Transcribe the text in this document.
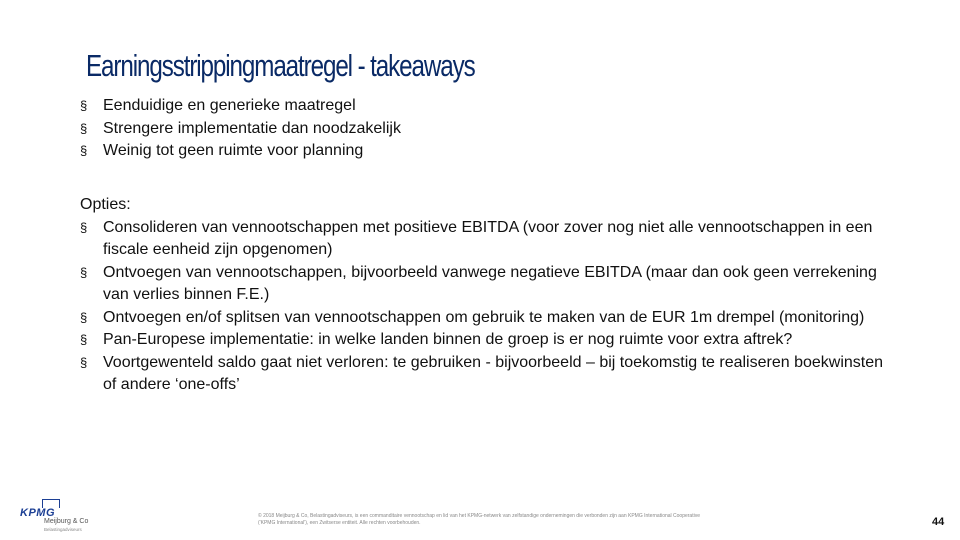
Earningsstrippingmaatregel - takeaways
§ Eenduidige en generieke maatregel
§ Strengere implementatie dan noodzakelijk
§ Weinig tot geen ruimte voor planning
Opties:
§ Consolideren van vennootschappen met positieve EBITDA (voor zover nog niet alle vennootschappen in een fiscale eenheid zijn opgenomen)
§ Ontvoegen van vennootschappen, bijvoorbeeld vanwege negatieve EBITDA (maar dan ook geen verrekening van verlies binnen F.E.)
§ Ontvoegen en/of splitsen van vennootschappen om gebruik te maken van de EUR 1m drempel (monitoring)
§ Pan-Europese implementatie: in welke landen binnen de groep is er nog ruimte voor extra aftrek?
§ Voortgewenteld saldo gaat niet verloren: te gebruiken - bijvoorbeeld – bij toekomstig te realiseren boekwinsten of andere ‘one-offs’
KPMG
Meijburg & Co
Belastingadviseurs
© 2018 Meijburg & Co, Belastingadviseurs, is een commanditaire vennootschap en lid van het KPMG-netwerk van zelfstandige ondernemingen die verbonden zijn aan KPMG International Cooperative ('KPMG International'), een Zwitserse entiteit. Alle rechten voorbehouden.	44
